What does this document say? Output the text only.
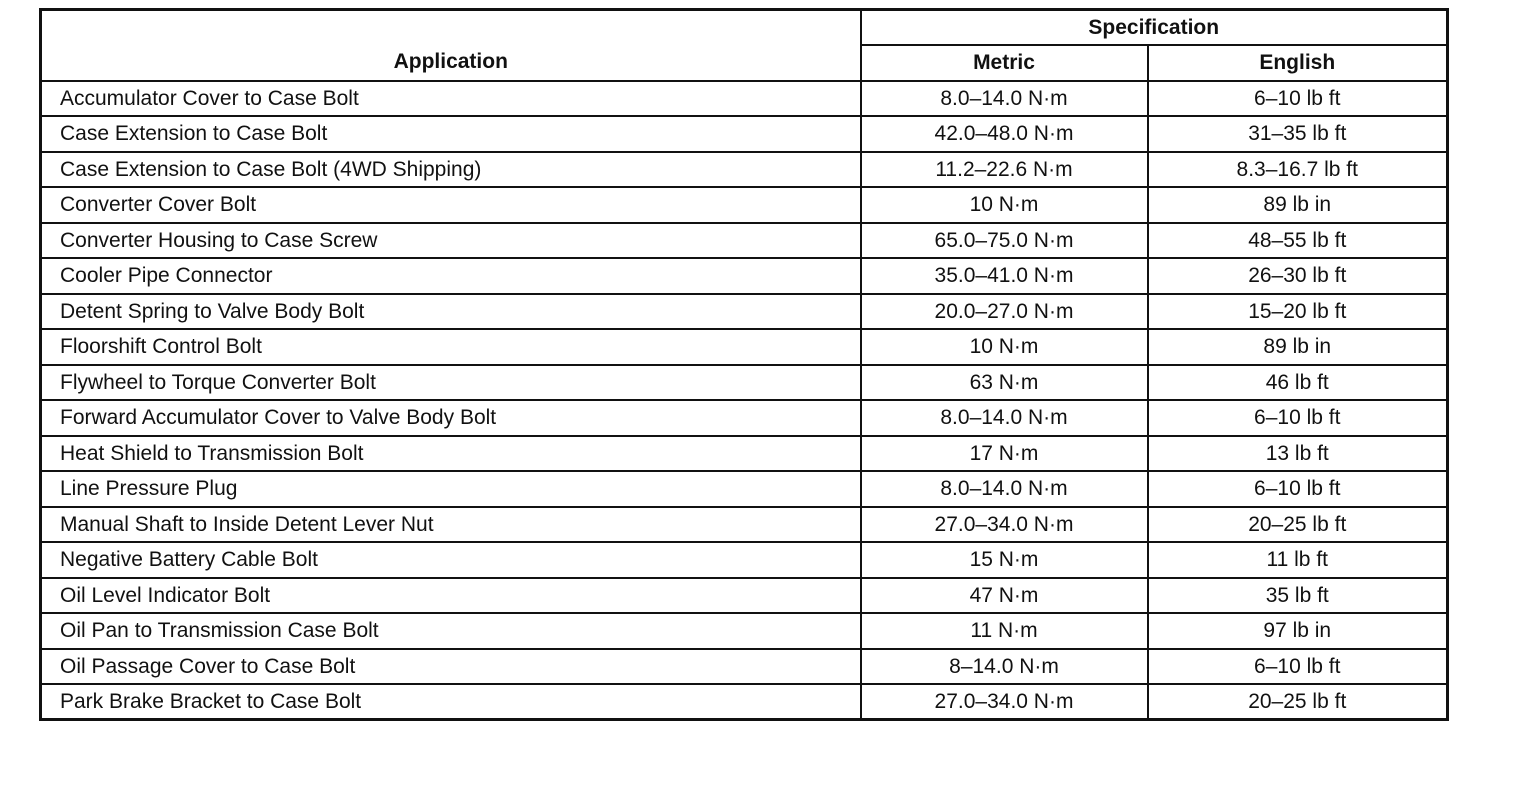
Application	Specification	
	Metric	English
Accumulator Cover to Case Bolt	8.0–14.0 N·m	6–10 lb ft
Case Extension to Case Bolt	42.0–48.0 N·m	31–35 lb ft
Case Extension to Case Bolt (4WD Shipping)	11.2–22.6 N·m	8.3–16.7 lb ft
Converter Cover Bolt	10 N·m	89 lb in
Converter Housing to Case Screw	65.0–75.0 N·m	48–55 lb ft
Cooler Pipe Connector	35.0–41.0 N·m	26–30 lb ft
Detent Spring to Valve Body Bolt	20.0–27.0 N·m	15–20 lb ft
Floorshift Control Bolt	10 N·m	89 lb in
Flywheel to Torque Converter Bolt	63 N·m	46 lb ft
Forward Accumulator Cover to Valve Body Bolt	8.0–14.0 N·m	6–10 lb ft
Heat Shield to Transmission Bolt	17 N·m	13 lb ft
Line Pressure Plug	8.0–14.0 N·m	6–10 lb ft
Manual Shaft to Inside Detent Lever Nut	27.0–34.0 N·m	20–25 lb ft
Negative Battery Cable Bolt	15 N·m	11 lb ft
Oil Level Indicator Bolt	47 N·m	35 lb ft
Oil Pan to Transmission Case Bolt	11 N·m	97 lb in
Oil Passage Cover to Case Bolt	8–14.0 N·m	6–10 lb ft
Park Brake Bracket to Case Bolt	27.0–34.0 N·m	20–25 lb ft
